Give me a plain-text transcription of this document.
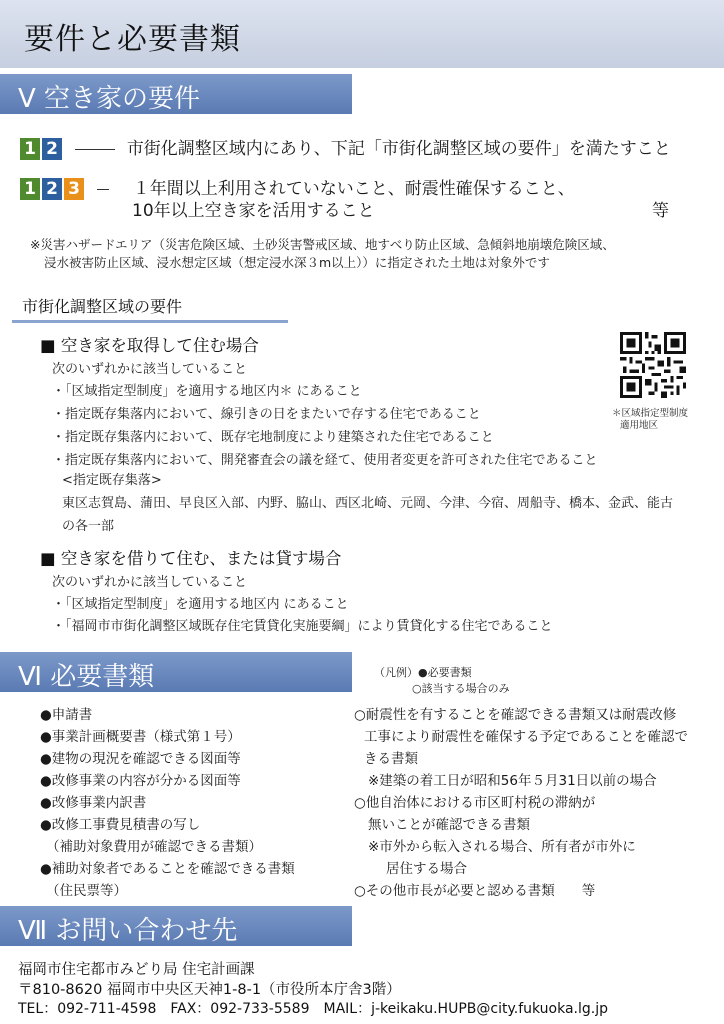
要件と必要書類
Ⅴ 空き家の要件
1 2	市街化調整区域内にあり、下記「市街化調整区域の要件」を満たすこと
1 2 3	１年間以上利用されていないこと、耐震性確保すること、
10年以上空き家を活用すること	等
※災害ハザードエリア（災害危険区域、土砂災害警戒区域、地すべり防止区域、急傾斜地崩壊危険区域、
浸水被害防止区域、浸水想定区域（想定浸水深３m以上））に指定された土地は対象外です
市街化調整区域の要件
■ 空き家を取得して住む場合
次のいずれかに該当していること
・「区域指定型制度」を適用する地区内＊ にあること
・指定既存集落内において、線引きの日をまたいで存する住宅であること
・指定既存集落内において、既存宅地制度により建築された住宅であること
・指定既存集落内において、開発審査会の議を経て、使用者変更を許可された住宅であること
<指定既存集落>
東区志賀島、蒲田、早良区入部、内野、脇山、西区北崎、元岡、今津、今宿、周船寺、橋本、金武、能古
の各一部
＊区域指定型制度
適用地区
■ 空き家を借りて住む、または貸す場合
次のいずれかに該当していること
・「区域指定型制度」を適用する地区内 にあること
・「福岡市市街化調整区域既存住宅賃貸化実施要綱」により賃貸化する住宅であること
Ⅵ 必要書類	（凡例）●必要書類
○該当する場合のみ
●申請書
●事業計画概要書（様式第１号）
●建物の現況を確認できる図面等
●改修事業の内容が分かる図面等
●改修事業内訳書
●改修工事費見積書の写し
（補助対象費用が確認できる書類）
●補助対象者であることを確認できる書類
（住民票等）
○耐震性を有することを確認できる書類又は耐震改修
工事により耐震性を確保する予定であることを確認で
きる書類
※建築の着工日が昭和56年５月31日以前の場合
○他自治体における市区町村税の滞納が
無いことが確認できる書類
※市外から転入される場合、所有者が市外に
居住する場合
○その他市長が必要と認める書類　　等
Ⅶ お問い合わせ先
福岡市住宅都市みどり局 住宅計画課
〒810-8620 福岡市中央区天神1-8-1（市役所本庁舎3階）
TEL：092-711-4598　FAX：092-733-5589　MAIL：j-keikaku.HUPB@city.fukuoka.lg.jp
